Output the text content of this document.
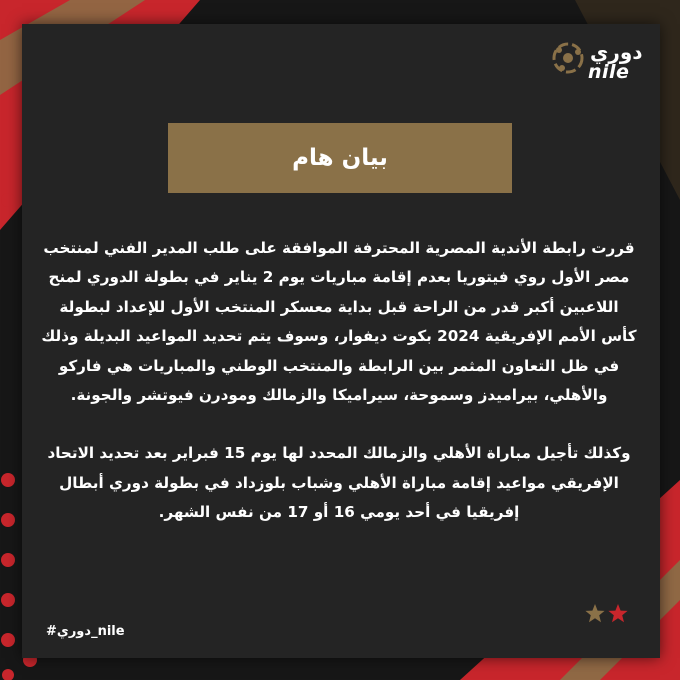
دوري
nile
بيان هام

قررت رابطة الأندية المصرية المحترفة الموافقة على طلب المدير الفني لمنتخب مصر الأول روي فيتوريا بعدم إقامة مباريات يوم 2 يناير في بطولة الدوري لمنح اللاعبين أكبر قدر من الراحة قبل بداية معسكر المنتخب الأول للإعداد لبطولة كأس الأمم الإفريقية 2024 بكوت ديفوار، وسوف يتم تحديد المواعيد البديلة وذلك في ظل التعاون المثمر بين الرابطة والمنتخب الوطني والمباريات هي فاركو والأهلي، بيراميدز وسموحة، سيراميكا والزمالك ومودرن فيوتشر والجونة.

وكذلك تأجيل مباراة الأهلي والزمالك المحدد لها يوم 15 فبراير بعد تحديد الاتحاد الإفريقي مواعيد إقامة مباراة الأهلي وشباب بلوزداد في بطولة دوري أبطال إفريقيا في أحد يومي 16 أو 17 من نفس الشهر.

#دوري_nile
